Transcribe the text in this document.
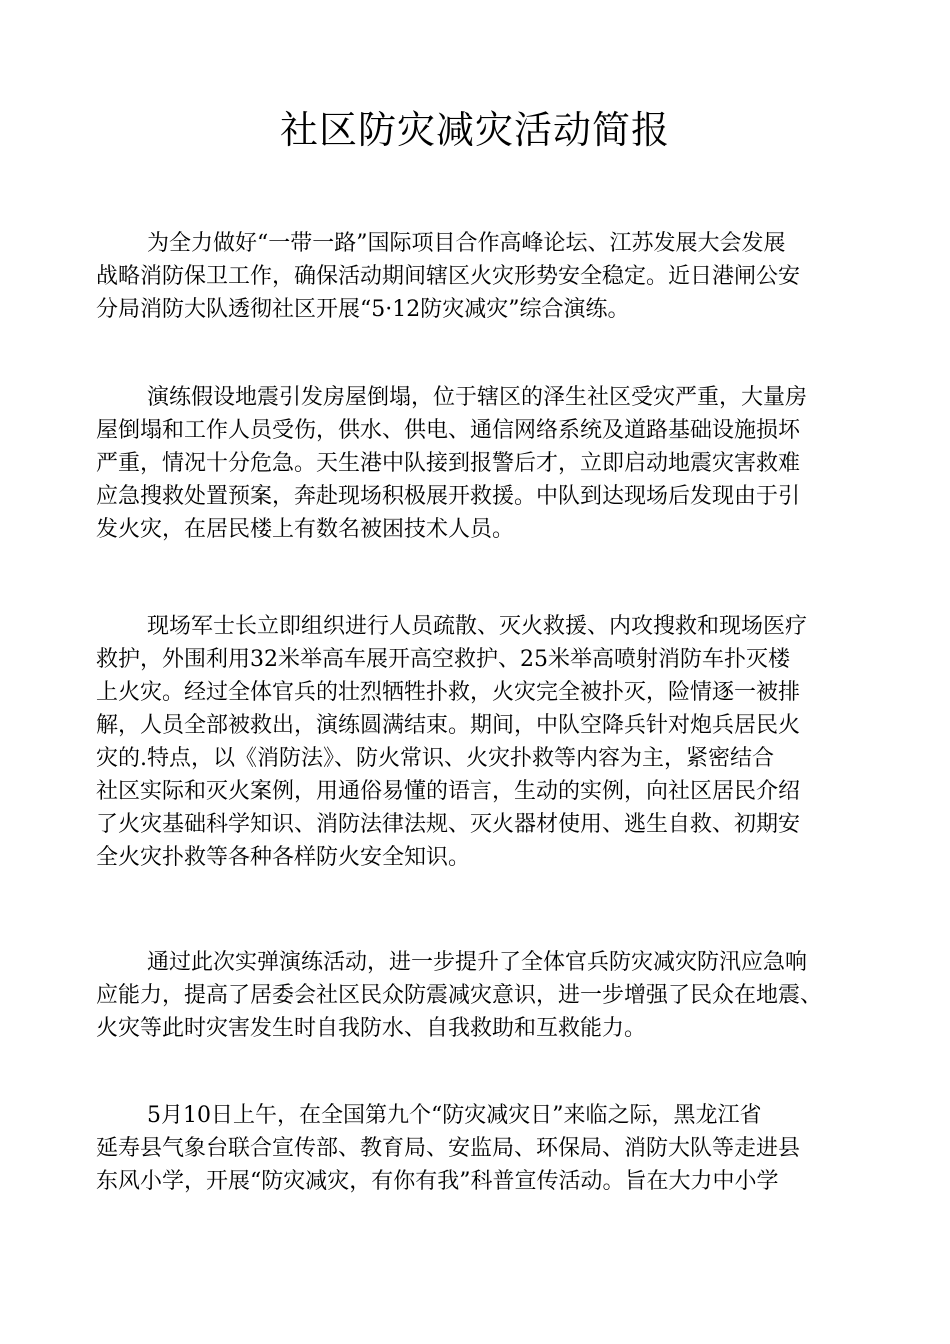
社区防灾减灾活动简报

为全力做好“一带一路”国际项目合作高峰论坛、江苏发展大会发展
战略消防保卫工作，确保活动期间辖区火灾形势安全稳定。近日港闸公安
分局消防大队透彻社区开展“5·12防灾减灾”综合演练。

演练假设地震引发房屋倒塌，位于辖区的泽生社区受灾严重，大量房
屋倒塌和工作人员受伤，供水、供电、通信网络系统及道路基础设施损坏
严重，情况十分危急。天生港中队接到报警后才，立即启动地震灾害救难
应急搜救处置预案，奔赴现场积极展开救援。中队到达现场后发现由于引
发火灾，在居民楼上有数名被困技术人员。

现场军士长立即组织进行人员疏散、灭火救援、内攻搜救和现场医疗
救护，外围利用32米举高车展开高空救护、25米举高喷射消防车扑灭楼
上火灾。经过全体官兵的壮烈牺牲扑救，火灾完全被扑灭，险情逐一被排
解，人员全部被救出，演练圆满结束。期间，中队空降兵针对炮兵居民火
灾的.特点，以《消防法》、防火常识、火灾扑救等内容为主，紧密结合
社区实际和灭火案例，用通俗易懂的语言，生动的实例，向社区居民介绍
了火灾基础科学知识、消防法律法规、灭火器材使用、逃生自救、初期安
全火灾扑救等各种各样防火安全知识。

通过此次实弹演练活动，进一步提升了全体官兵防灾减灾防汛应急响
应能力，提高了居委会社区民众防震减灾意识，进一步增强了民众在地震、
火灾等此时灾害发生时自我防水、自我救助和互救能力。

5月10日上午，在全国第九个“防灾减灾日”来临之际，黑龙江省
延寿县气象台联合宣传部、教育局、安监局、环保局、消防大队等走进县
东风小学，开展“防灾减灾，有你有我”科普宣传活动。旨在大力中小学
